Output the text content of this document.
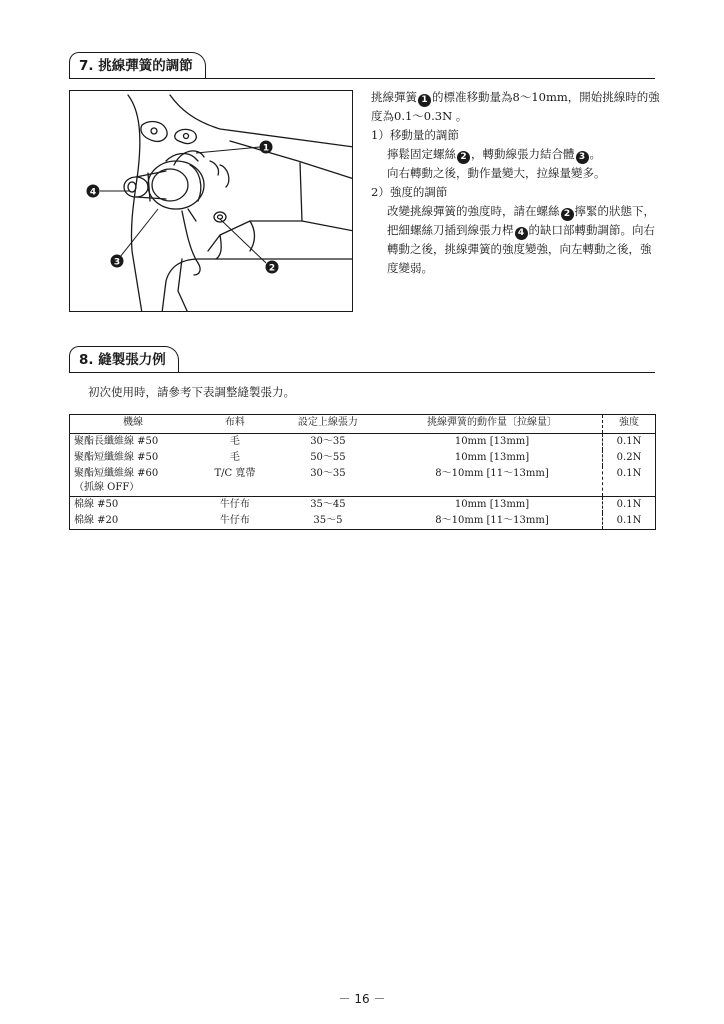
7. 挑線彈簧的調節
1
4
3
2

挑線彈簧 1 的標准移動量為8～10mm，開始挑線時的強度為0.1～0.3N 。

1）移動量的調節

擰鬆固定螺絲 2 ，轉動線張力結合體 3 。

向右轉動之後，動作量變大，拉線量變多。

2）強度的調節

改變挑線彈簧的強度時，請在螺絲 2 擰緊的狀態下，把細螺絲刀插到線張力桿 4 的缺口部轉動調節。向右轉動之後，挑線彈簧的強度變強，向左轉動之後，強度變弱。

8. 縫製張力例
初次使用時，請參考下表調整縫製張力。
機線	布料	設定上線張力	挑線彈簧的動作量〔拉線量〕	強度
聚酯長纖維線 #50	毛	30～35	10mm [13mm]	0.1N
聚酯短纖維線 #50	毛	50～55	10mm [13mm]	0.2N

聚酯短纖維線 #60
（抓線 OFF）	T/C 寬帶	30～35	8～10mm [11～13mm]	0.1N
棉線 #50	牛仔布	35～45	10mm [13mm]	0.1N
棉線 #20	牛仔布	35～5	8～10mm [11～13mm]	0.1N
－ 16 －
